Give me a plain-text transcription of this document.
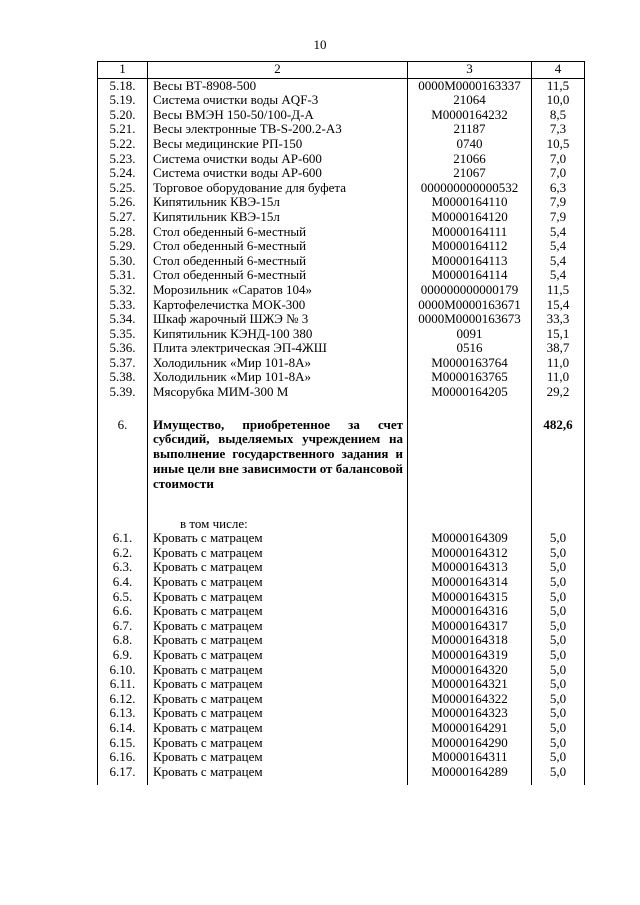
10
1	2	3	4
5.18.	Весы ВТ-8908-500	0000М0000163337	11,5
5.19.	Система очистки воды AQF-3	21064	10,0
5.20.	Весы ВМЭН 150-50/100-Д-А	М0000164232	8,5
5.21.	Весы электронные ТВ-S-200.2-А3	21187	7,3
5.22.	Весы медицинские РП-150	0740	10,5
5.23.	Система очистки воды АР-600	21066	7,0
5.24.	Система очистки воды АР-600	21067	7,0
5.25.	Торговое оборудование для буфета	000000000000532	6,3
5.26.	Кипятильник КВЭ-15л	М0000164110	7,9
5.27.	Кипятильник КВЭ-15л	М0000164120	7,9
5.28.	Стол обеденный 6-местный	М0000164111	5,4
5.29.	Стол обеденный 6-местный	М0000164112	5,4
5.30.	Стол обеденный 6-местный	М0000164113	5,4
5.31.	Стол обеденный 6-местный	М0000164114	5,4
5.32.	Морозильник «Саратов 104»	000000000000179	11,5
5.33.	Картофелечистка МОК-300	0000М0000163671	15,4
5.34.	Шкаф жарочный ШЖЭ № 3	0000М0000163673	33,3
5.35.	Кипятильник КЭНД-100 380	0091	15,1
5.36.	Плита электрическая ЭП-4ЖШ	0516	38,7
5.37.	Холодильник «Мир 101-8А»	М0000163764	11,0
5.38.	Холодильник «Мир 101-8А»	М0000163765	11,0
5.39.	Мясорубка МИМ-300 М	М0000164205	29,2
6.	Имущество, приобретенное за счет субсидий, выделяемых учреждением на выполнение государственного задания и иные цели вне зависимости от балансовой стоимости		482,6
	в том числе:		
6.1.	Кровать с матрацем	М0000164309	5,0
6.2.	Кровать с матрацем	М0000164312	5,0
6.3.	Кровать с матрацем	М0000164313	5,0
6.4.	Кровать с матрацем	М0000164314	5,0
6.5.	Кровать с матрацем	М0000164315	5,0
6.6.	Кровать с матрацем	М0000164316	5,0
6.7.	Кровать с матрацем	М0000164317	5,0
6.8.	Кровать с матрацем	М0000164318	5,0
6.9.	Кровать с матрацем	М0000164319	5,0
6.10.	Кровать с матрацем	М0000164320	5,0
6.11.	Кровать с матрацем	М0000164321	5,0
6.12.	Кровать с матрацем	М0000164322	5,0
6.13.	Кровать с матрацем	М0000164323	5,0
6.14.	Кровать с матрацем	М0000164291	5,0
6.15.	Кровать с матрацем	М0000164290	5,0
6.16.	Кровать с матрацем	М0000164311	5,0
6.17.	Кровать с матрацем	М0000164289	5,0
